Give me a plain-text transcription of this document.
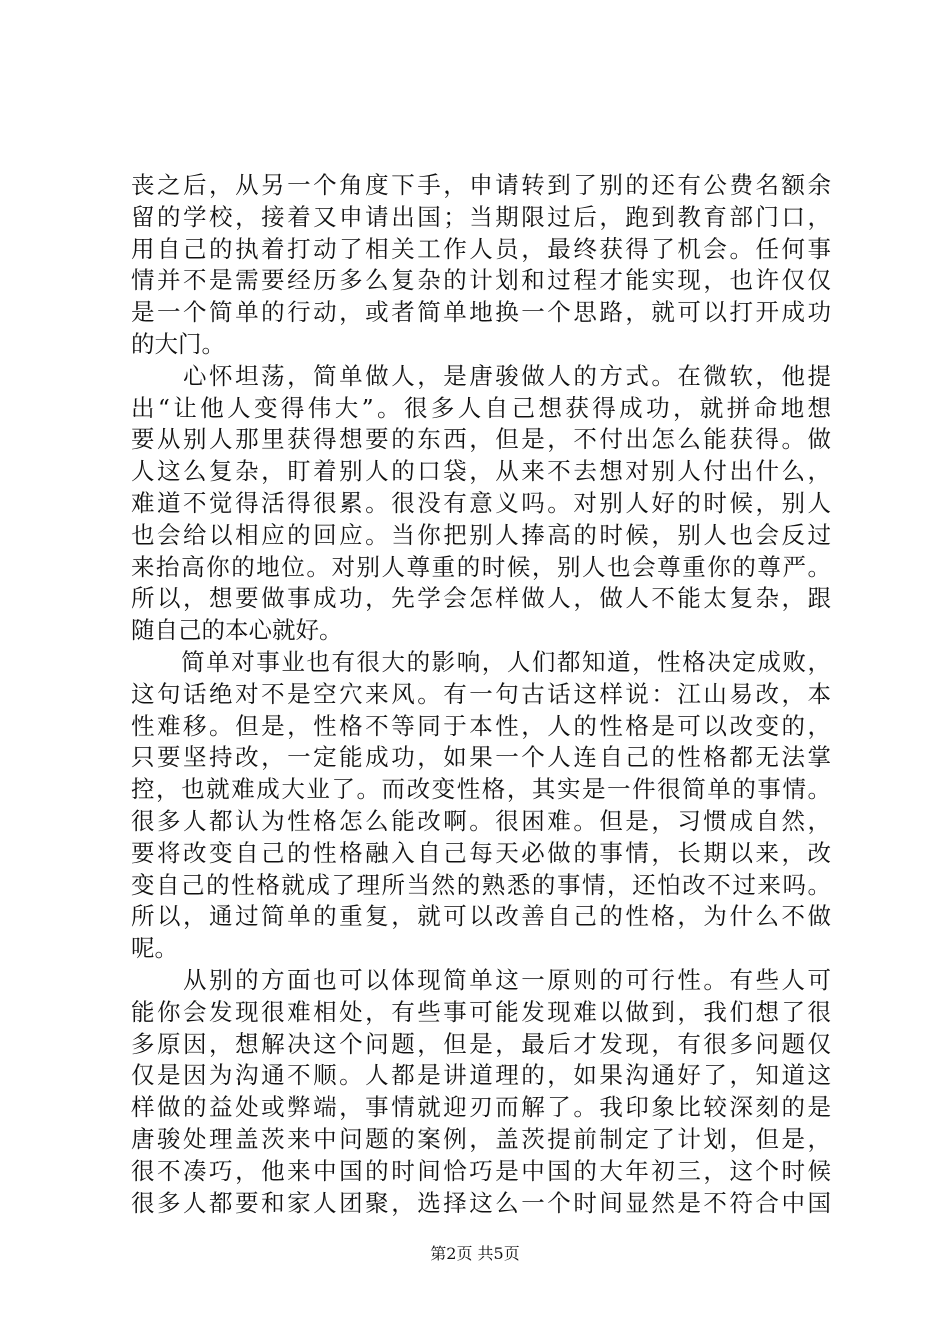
丧之后，从另一个角度下手，申请转到了别的还有公费名额余
留的学校，接着又申请出国；当期限过后，跑到教育部门口，
用自己的执着打动了相关工作人员，最终获得了机会。任何事
情并不是需要经历多么复杂的计划和过程才能实现，也许仅仅
是一个简单的行动，或者简单地换一个思路，就可以打开成功
的大门。
　　心怀坦荡，简单做人，是唐骏做人的方式。在微软，他提
出“让他人变得伟大”。很多人自己想获得成功，就拼命地想
要从别人那里获得想要的东西，但是，不付出怎么能获得。做
人这么复杂，盯着别人的口袋，从来不去想对别人付出什么，
难道不觉得活得很累。很没有意义吗。对别人好的时候，别人
也会给以相应的回应。当你把别人捧高的时候，别人也会反过
来抬高你的地位。对别人尊重的时候，别人也会尊重你的尊严。
所以，想要做事成功，先学会怎样做人，做人不能太复杂，跟
随自己的本心就好。
　　简单对事业也有很大的影响，人们都知道，性格决定成败，
这句话绝对不是空穴来风。有一句古话这样说：江山易改，本
性难移。但是，性格不等同于本性，人的性格是可以改变的，
只要坚持改，一定能成功，如果一个人连自己的性格都无法掌
控，也就难成大业了。而改变性格，其实是一件很简单的事情。
很多人都认为性格怎么能改啊。很困难。但是，习惯成自然，
要将改变自己的性格融入自己每天必做的事情，长期以来，改
变自己的性格就成了理所当然的熟悉的事情，还怕改不过来吗。
所以，通过简单的重复，就可以改善自己的性格，为什么不做
呢。
　　从别的方面也可以体现简单这一原则的可行性。有些人可
能你会发现很难相处，有些事可能发现难以做到，我们想了很
多原因，想解决这个问题，但是，最后才发现，有很多问题仅
仅是因为沟通不顺。人都是讲道理的，如果沟通好了，知道这
样做的益处或弊端，事情就迎刃而解了。我印象比较深刻的是
唐骏处理盖茨来中问题的案例，盖茨提前制定了计划，但是，
很不凑巧，他来中国的时间恰巧是中国的大年初三，这个时候
很多人都要和家人团聚，选择这么一个时间显然是不符合中国
第2页 共5页
